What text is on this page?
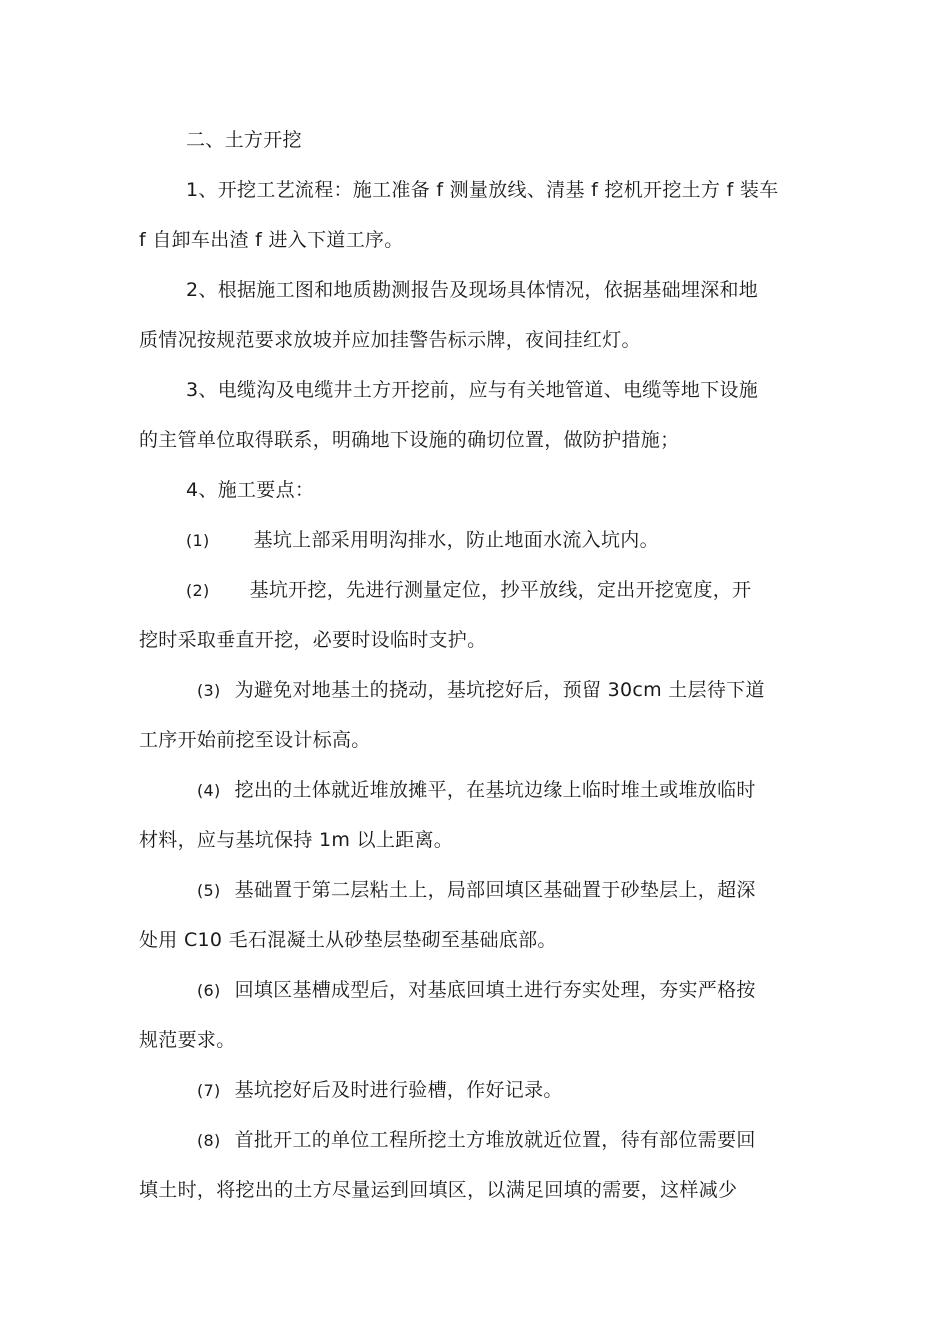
二、土方开挖
1、开挖工艺流程：施工准备 f 测量放线、清基 f 挖机开挖土方 f 装车
f 自卸车出渣 f 进入下道工序。
2、根据施工图和地质勘测报告及现场具体情况，依据基础埋深和地
质情况按规范要求放坡并应加挂警告标示牌，夜间挂红灯。
3、电缆沟及电缆井土方开挖前，应与有关地管道、电缆等地下设施
的主管单位取得联系，明确地下设施的确切位置，做防护措施；
4、施工要点：
(1) 基坑上部采用明沟排水，防止地面水流入坑内。
(2) 基坑开挖，先进行测量定位，抄平放线，定出开挖宽度，开
挖时采取垂直开挖，必要时设临时支护。
(3) 为避免对地基土的挠动，基坑挖好后，预留 30cm 土层待下道
工序开始前挖至设计标高。
(4) 挖出的土体就近堆放摊平，在基坑边缘上临时堆土或堆放临时
材料，应与基坑保持 1m 以上距离。
(5) 基础置于第二层粘土上，局部回填区基础置于砂垫层上，超深
处用 C10 毛石混凝土从砂垫层垫砌至基础底部。
(6) 回填区基槽成型后，对基底回填土进行夯实处理，夯实严格按
规范要求。
(7) 基坑挖好后及时进行验槽，作好记录。
(8) 首批开工的单位工程所挖土方堆放就近位置，待有部位需要回
填土时，将挖出的土方尽量运到回填区，以满足回填的需要，这样减少
